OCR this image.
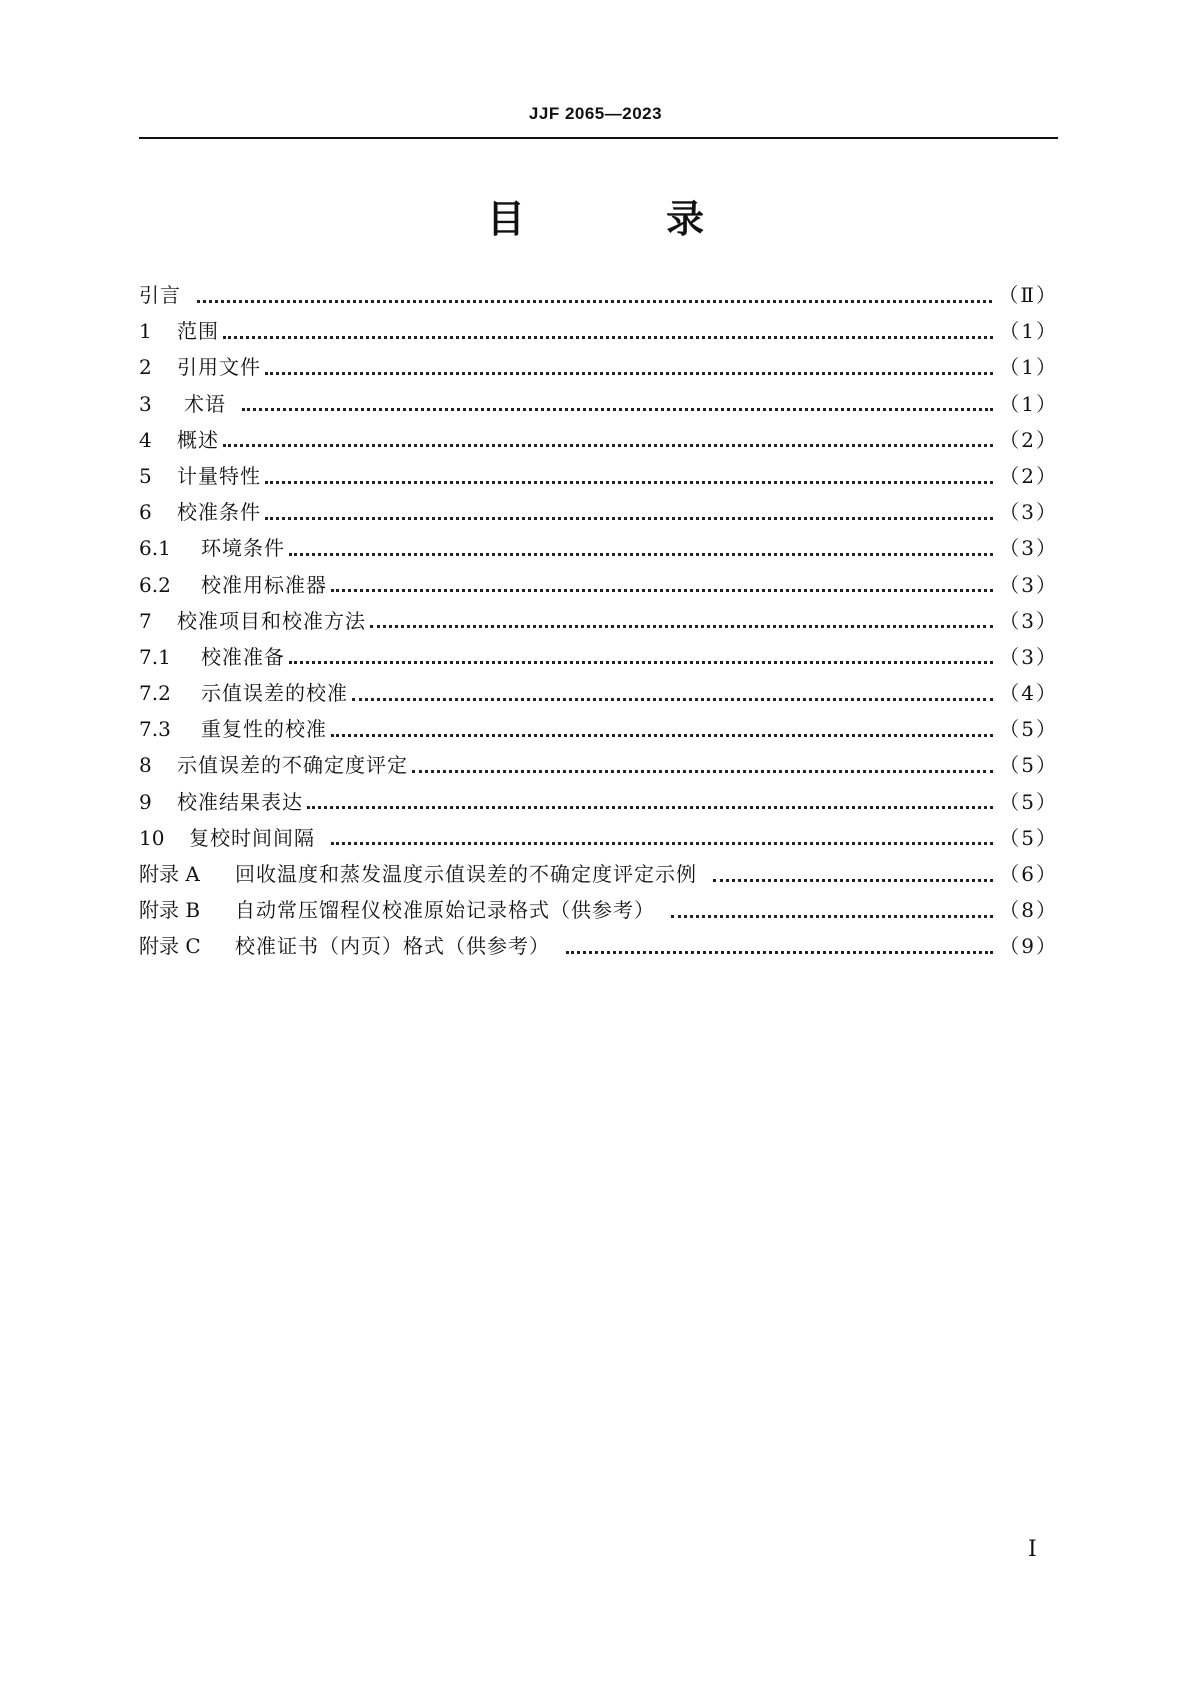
JJF 2065—2023
目 录
引言	（Ⅱ）
1	范围	（1）
2	引用文件	（1）
3	术语	（1）
4	概述	（2）
5	计量特性	（2）
6	校准条件	（3）
6.1	环境条件	（3）
6.2	校准用标准器	（3）
7	校准项目和校准方法	（3）
7.1	校准准备	（3）
7.2	示值误差的校准	（4）
7.3	重复性的校准	（5）
8	示值误差的不确定度评定	（5）
9	校准结果表达	（5）
10	复校时间间隔	（5）
附录 A	回收温度和蒸发温度示值误差的不确定度评定示例	（6）
附录 B	自动常压馏程仪校准原始记录格式（供参考）	（8）
附录 C	校准证书（内页）格式（供参考）	（9）
Ⅰ
